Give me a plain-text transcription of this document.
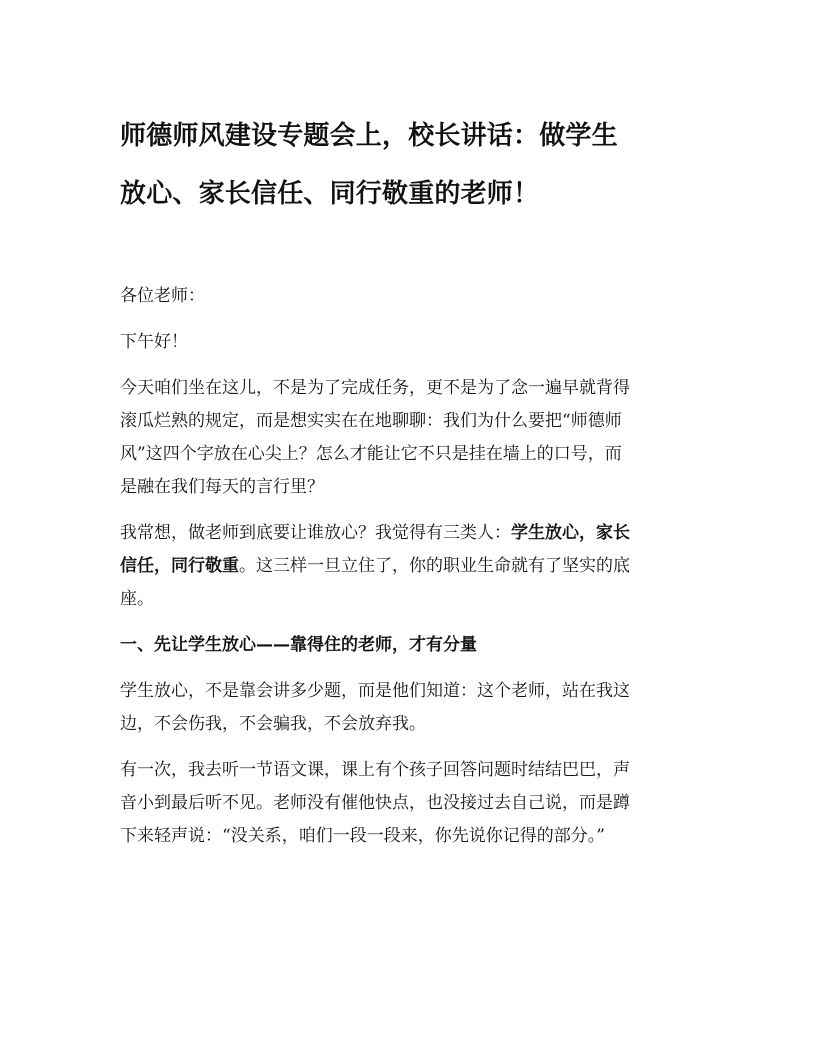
师德师风建设专题会上，校长讲话：做学生
放心、家长信任、同行敬重的老师！

各位老师：

下午好！

今天咱们坐在这儿，不是为了完成任务，更不是为了念一遍早就背得
滚瓜烂熟的规定，而是想实实在在地聊聊：我们为什么要把“师德师
风”这四个字放在心尖上？怎么才能让它不只是挂在墙上的口号，而
是融在我们每天的言行里？

我常想，做老师到底要让谁放心？我觉得有三类人：学生放心，家长
信任，同行敬重。这三样一旦立住了，你的职业生命就有了坚实的底
座。

一、先让学生放心——靠得住的老师，才有分量

学生放心，不是靠会讲多少题，而是他们知道：这个老师，站在我这
边，不会伤我，不会骗我，不会放弃我。

有一次，我去听一节语文课，课上有个孩子回答问题时结结巴巴，声
音小到最后听不见。老师没有催他快点，也没接过去自己说，而是蹲
下来轻声说：“没关系，咱们一段一段来，你先说你记得的部分。”
